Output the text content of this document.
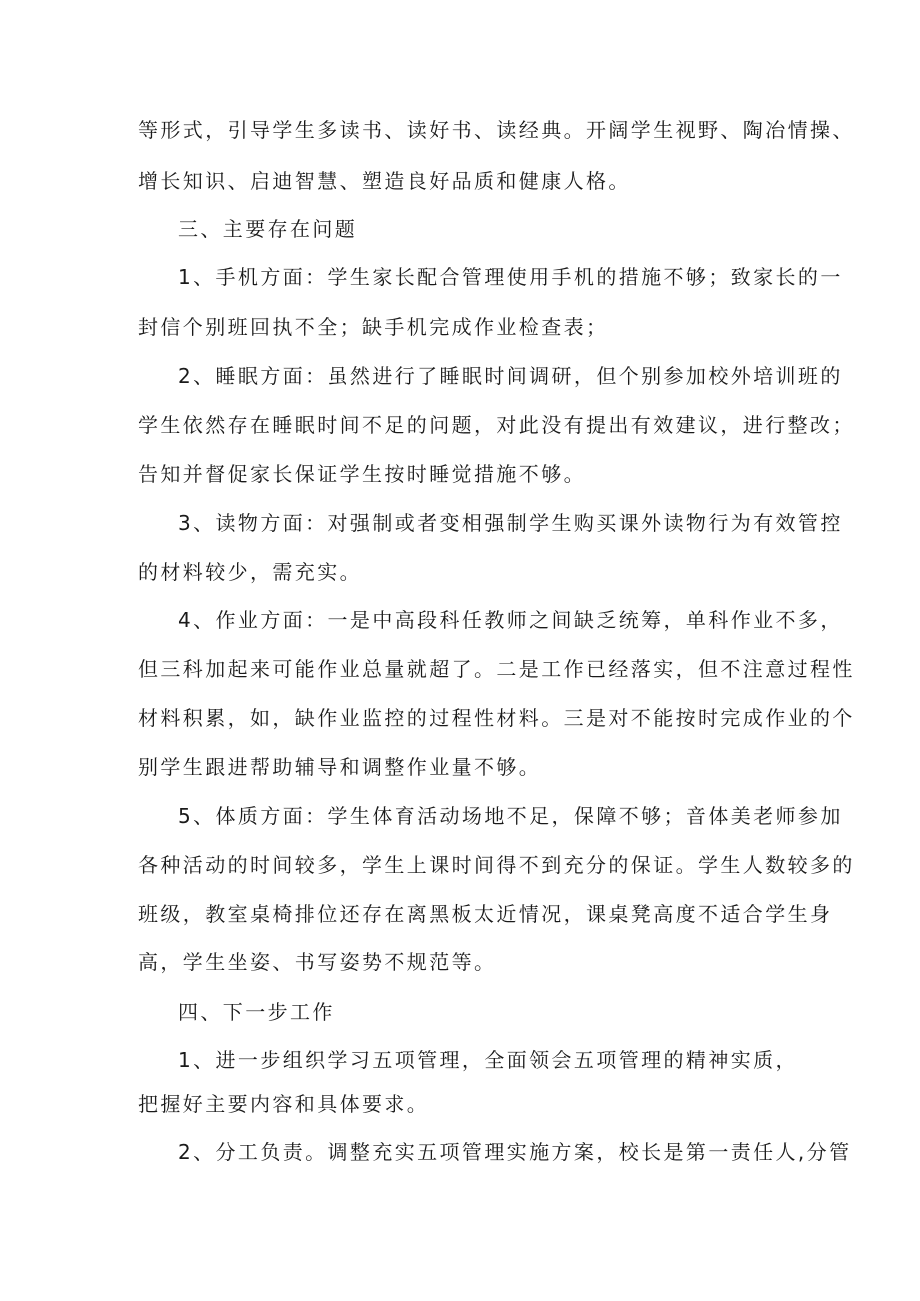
等形式，引导学生多读书、读好书、读经典。开阔学生视野、陶冶情操、
增长知识、启迪智慧、塑造良好品质和健康人格。
三、主要存在问题
1、手机方面：学生家长配合管理使用手机的措施不够；致家长的一
封信个别班回执不全；缺手机完成作业检查表；
2、睡眠方面：虽然进行了睡眠时间调研，但个别参加校外培训班的
学生依然存在睡眠时间不足的问题，对此没有提出有效建议，进行整改；
告知并督促家长保证学生按时睡觉措施不够。
3、读物方面：对强制或者变相强制学生购买课外读物行为有效管控
的材料较少，需充实。
4、作业方面：一是中高段科任教师之间缺乏统筹，单科作业不多，
但三科加起来可能作业总量就超了。二是工作已经落实，但不注意过程性
材料积累，如，缺作业监控的过程性材料。三是对不能按时完成作业的个
别学生跟进帮助辅导和调整作业量不够。
5、体质方面：学生体育活动场地不足，保障不够；音体美老师参加
各种活动的时间较多，学生上课时间得不到充分的保证。学生人数较多的
班级，教室桌椅排位还存在离黑板太近情况，课桌凳高度不适合学生身
高，学生坐姿、书写姿势不规范等。
四、下一步工作
1、进一步组织学习五项管理，全面领会五项管理的精神实质，
把握好主要内容和具体要求。
2、分工负责。调整充实五项管理实施方案，校长是第一责任人,分管
